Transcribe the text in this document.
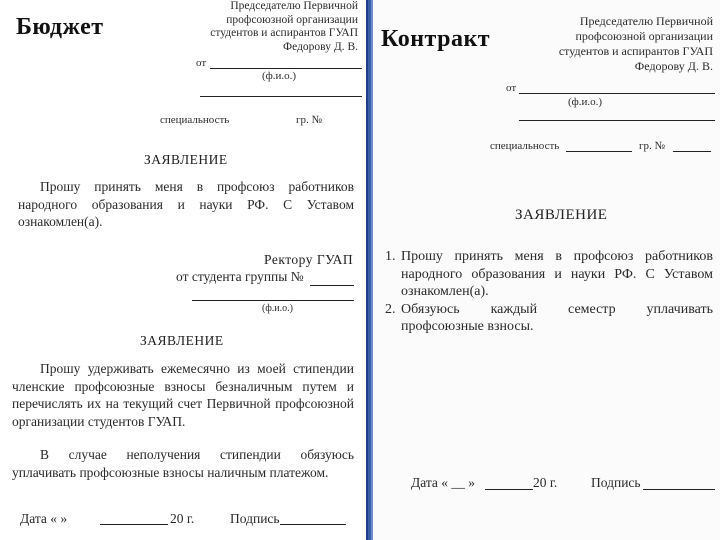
Бюджет
Председателю Первичной
профсоюзной организации
студентов и аспирантов ГУАП
Федорову Д. В.
от
(ф.и.о.)
специальность	гр. №
ЗАЯВЛЕНИЕ
Прошу принять меня в профсоюз работников народного образования и науки РФ. С Уставом ознакомлен(а).
Ректору ГУАП
от студента группы №
(ф.и.о.)
ЗАЯВЛЕНИЕ
Прошу удерживать ежемесячно из моей стипендии членские профсоюзные взносы безналичным путем и перечислять их на текущий счет Первичной профсоюзной организации студентов ГУАП.
В случае неполучения стипендии обязуюсь уплачивать профсоюзные взносы наличным платежом.
Дата « »	20 г.	Подпись
Контракт
Председателю Первичной
профсоюзной организации
студентов и аспирантов ГУАП
Федорову Д. В.
от
(ф.и.о.)
специальность	гр. №
ЗАЯВЛЕНИЕ
1. Прошу принять меня в профсоюз работников народного образования и науки РФ. С Уставом ознакомлен(а).
2. Обязуюсь каждый семестр уплачивать профсоюзные взносы.
Дата « __ »	20 г. Подпись
